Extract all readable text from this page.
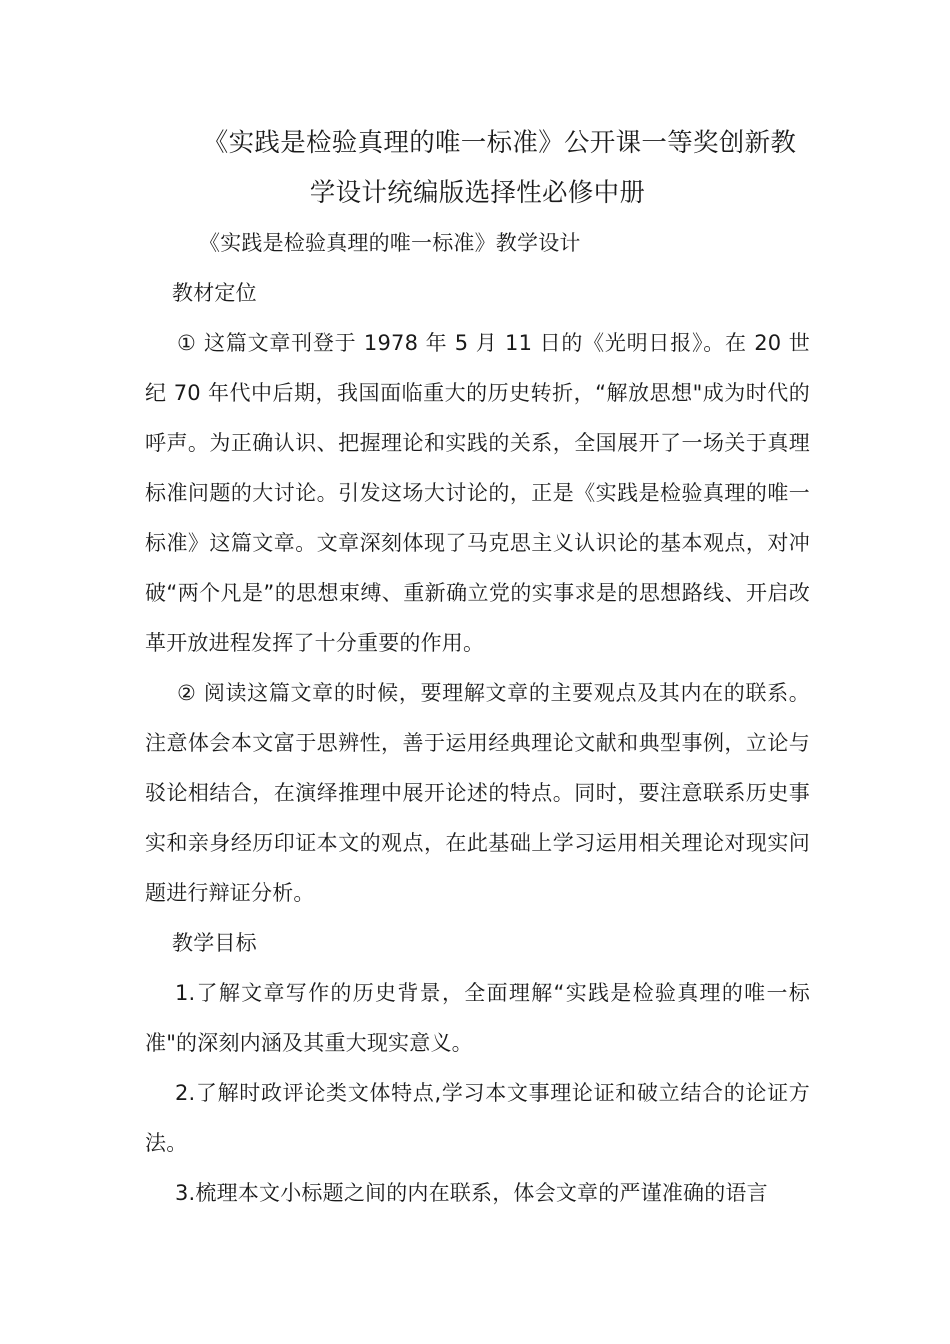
《实践是检验真理的唯一标准》公开课一等奖创新教
学设计统编版选择性必修中册

《实践是检验真理的唯一标准》教学设计

教材定位

① 这篇文章刊登于 1978 年 5 月 11 日的《光明日报》。在 20 世纪 70 年代中后期，我国面临重大的历史转折，“解放思想"成为时代的呼声。为正确认识、把握理论和实践的关系，全国展开了一场关于真理标准问题的大讨论。引发这场大讨论的，正是《实践是检验真理的唯一标准》这篇文章。文章深刻体现了马克思主义认识论的基本观点，对冲破“两个凡是”的思想束缚、重新确立党的实事求是的思想路线、开启改革开放进程发挥了十分重要的作用。

② 阅读这篇文章的时候，要理解文章的主要观点及其内在的联系。注意体会本文富于思辨性，善于运用经典理论文献和典型事例，立论与驳论相结合，在演绎推理中展开论述的特点。同时，要注意联系历史事实和亲身经历印证本文的观点，在此基础上学习运用相关理论对现实问题进行辩证分析。

教学目标

1.了解文章写作的历史背景，全面理解“实践是检验真理的唯一标准"的深刻内涵及其重大现实意义。

2.了解时政评论类文体特点,学习本文事理论证和破立结合的论证方法。

3.梳理本文小标题之间的内在联系，体会文章的严谨准确的语言
